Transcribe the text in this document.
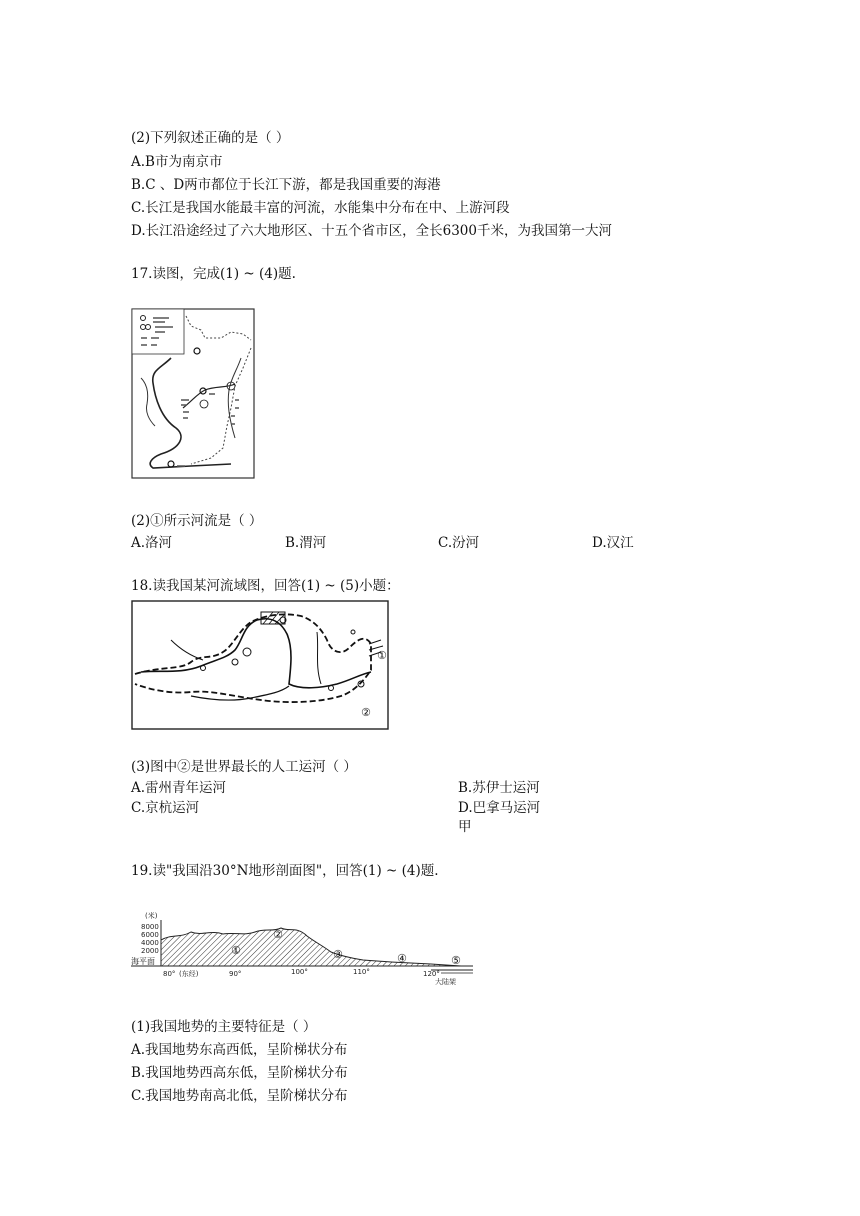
(2)下列叙述正确的是（ ）
A.B市为南京市
B.C 、D两市都位于长江下游，都是我国重要的海港
C.长江是我国水能最丰富的河流，水能集中分布在中、上游河段
D.长江沿途经过了六大地形区、十五个省市区，全长6300千米，为我国第一大河
17.读图，完成(1) ~ (4)题.
(2)①所示河流是（ ）
A.洛河	B.渭河	C.汾河	D.汉江
18.读我国某河流域图，回答(1) ~ (5)小题：
①
②
(3)图中②是世界最长的人工运河（ ）
A.雷州青年运河	B.苏伊士运河
C.京杭运河	D.巴拿马运河
甲
19.读"我国沿30°N地形剖面图"，回答(1) ~ (4)题.
(米)
8000
6000
4000
2000
海平面
80° (东经)	90°	100°	110°	120°
大陆架
①
②
③	④	⑤
(1)我国地势的主要特征是（ ）
A.我国地势东高西低，呈阶梯状分布
B.我国地势西高东低，呈阶梯状分布
C.我国地势南高北低，呈阶梯状分布
